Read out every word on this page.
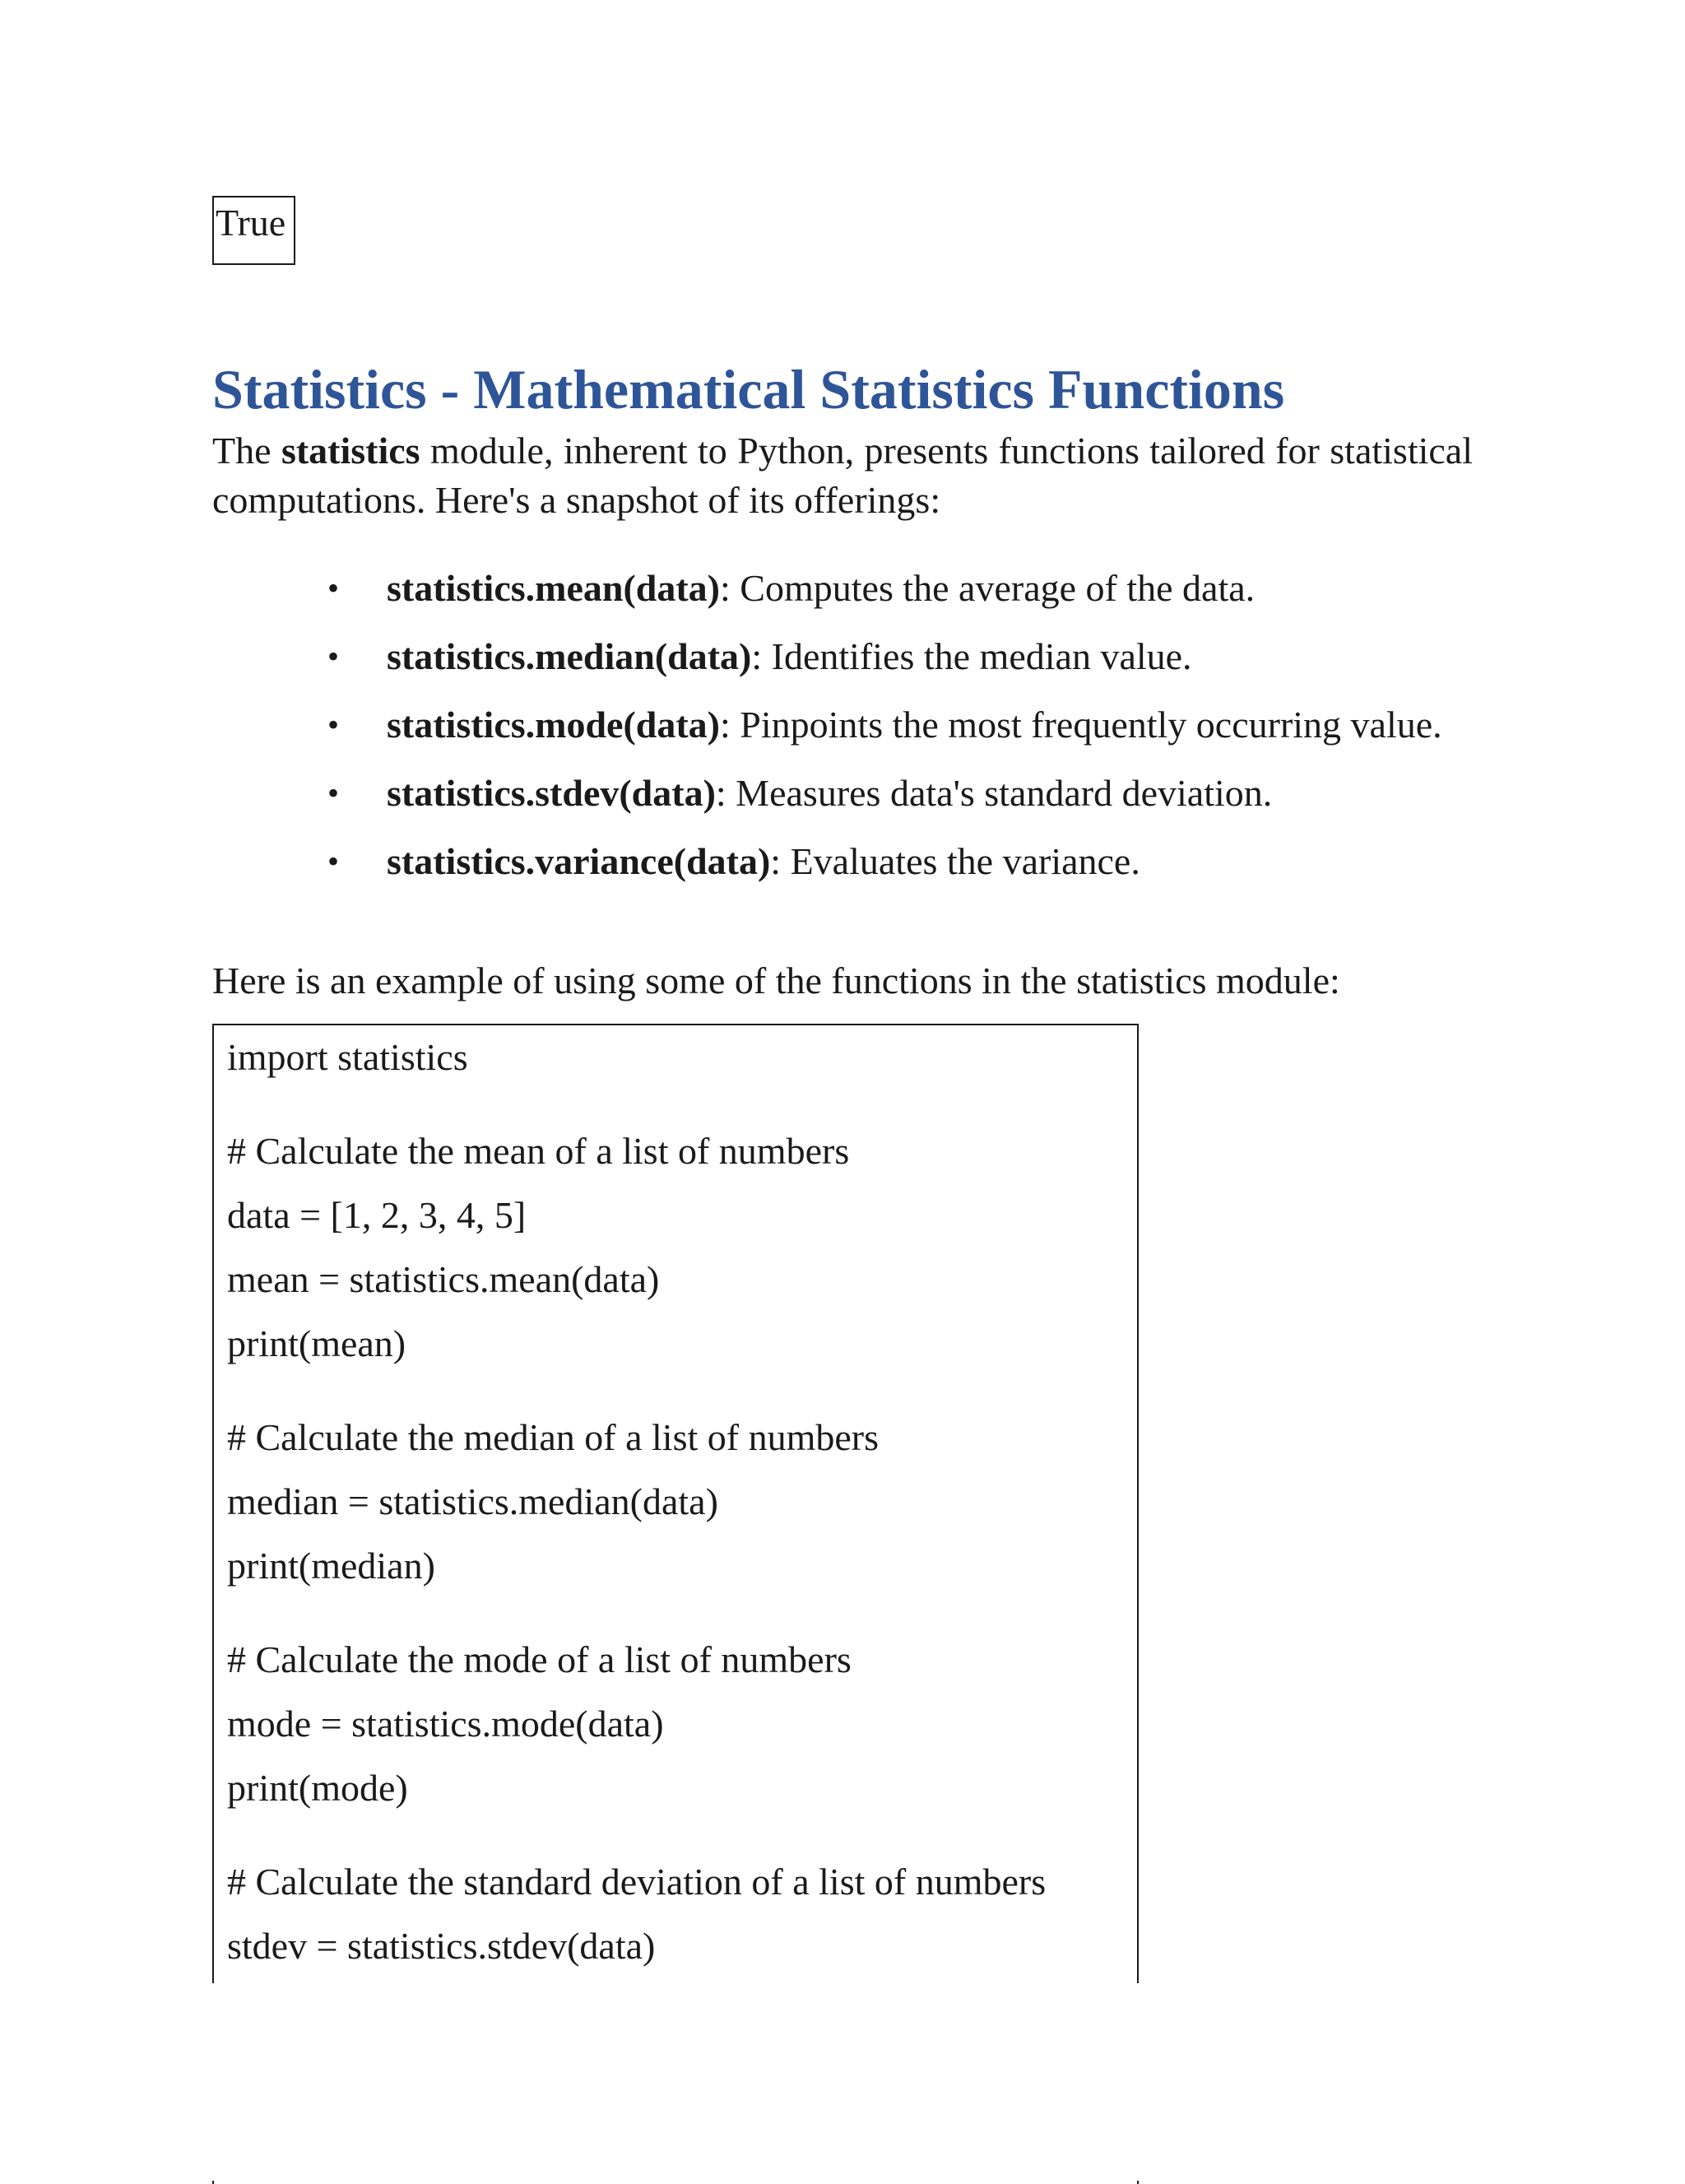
True
Statistics - Mathematical Statistics Functions

The statistics module, inherent to Python, presents functions tailored for statistical computations. Here's a snapshot of its offerings:

• statistics.mean(data): Computes the average of the data.
• statistics.median(data): Identifies the median value.
• statistics.mode(data): Pinpoints the most frequently occurring value.
• statistics.stdev(data): Measures data's standard deviation.
• statistics.variance(data): Evaluates the variance.
Here is an example of using some of the functions in the statistics module:
import statistics
# Calculate the mean of a list of numbers
data = [1, 2, 3, 4, 5]
mean = statistics.mean(data)
print(mean)
# Calculate the median of a list of numbers
median = statistics.median(data)
print(median)
# Calculate the mode of a list of numbers
mode = statistics.mode(data)
print(mode)
# Calculate the standard deviation of a list of numbers
stdev = statistics.stdev(data)
